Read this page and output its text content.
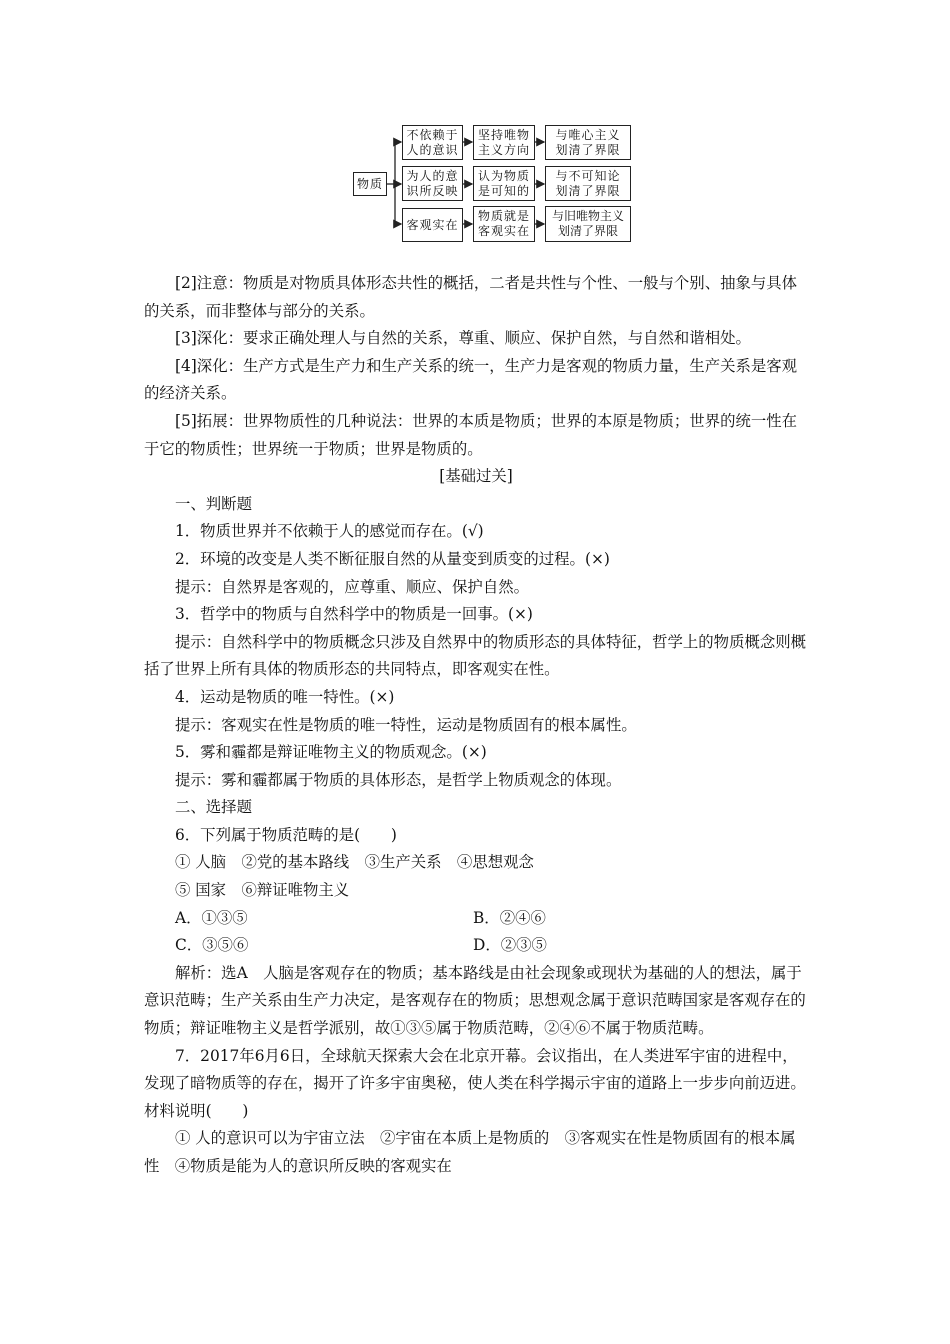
物质
不依赖于
人的意识
坚持唯物
主义方向
与唯心主义
划清了界限
为人的意
识所反映
认为物质
是可知的
与不可知论
划清了界限
客观实在
物质就是
客观实在
与旧唯物主义
划清了界限

[2]注意：物质是对物质具体形态共性的概括，二者是共性与个性、一般与个别、抽象与具体的关系，而非整体与部分的关系。

[3]深化：要求正确处理人与自然的关系，尊重、顺应、保护自然，与自然和谐相处。

[4]深化：生产方式是生产力和生产关系的统一，生产力是客观的物质力量，生产关系是客观的经济关系。

[5]拓展：世界物质性的几种说法：世界的本质是物质；世界的本原是物质；世界的统一性在于它的物质性；世界统一于物质；世界是物质的。

[基础过关]

一、判断题

1．物质世界并不依赖于人的感觉而存在。(√)

2．环境的改变是人类不断征服自然的从量变到质变的过程。(×)

提示：自然界是客观的，应尊重、顺应、保护自然。

3．哲学中的物质与自然科学中的物质是一回事。(×)

提示：自然科学中的物质概念只涉及自然界中的物质形态的具体特征，哲学上的物质概念则概括了世界上所有具体的物质形态的共同特点，即客观实在性。

4．运动是物质的唯一特性。(×)

提示：客观实在性是物质的唯一特性，运动是物质固有的根本属性。

5．雾和霾都是辩证唯物主义的物质观念。(×)

提示：雾和霾都属于物质的具体形态，是哲学上物质观念的体现。

二、选择题

6．下列属于物质范畴的是(　　)

① 人脑　②党的基本路线　③生产关系　④思想观念

⑤ 国家　⑥辩证唯物主义

A．①③⑤	B．②④⑥
C．③⑤⑥	D．②③⑤

解析：选A　人脑是客观存在的物质；基本路线是由社会现象或现状为基础的人的想法，属于意识范畴；生产关系由生产力决定，是客观存在的物质；思想观念属于意识范畴国家是客观存在的物质；辩证唯物主义是哲学派别，故①③⑤属于物质范畴，②④⑥不属于物质范畴。

7．2017年6月6日，全球航天探索大会在北京开幕。会议指出，在人类进军宇宙的进程中，发现了暗物质等的存在，揭开了许多宇宙奥秘，使人类在科学揭示宇宙的道路上一步步向前迈进。材料说明(　　)

① 人的意识可以为宇宙立法　②宇宙在本质上是物质的　③客观实在性是物质固有的根本属性　④物质是能为人的意识所反映的客观实在
